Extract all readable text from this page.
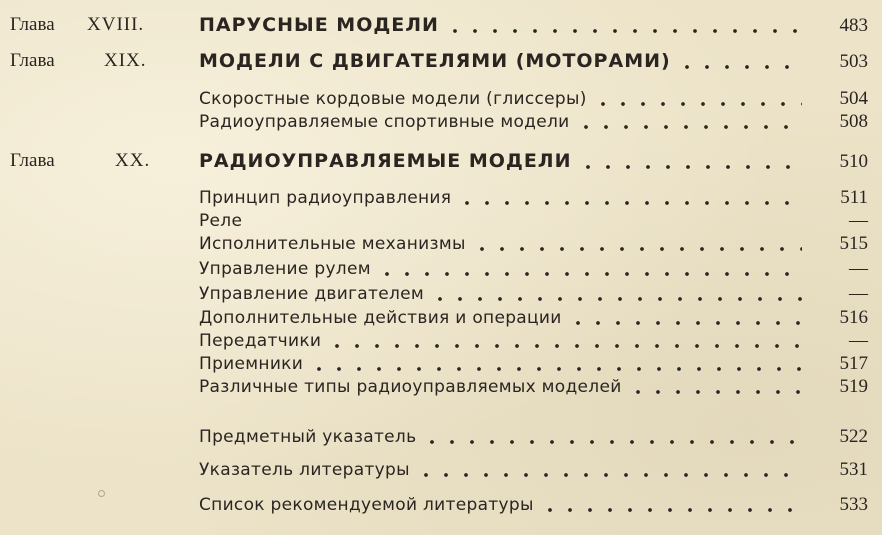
Глава XVIII.	ПАРУСНЫЕ МОДЕЛИ	483
Глава	XIX.	МОДЕЛИ С ДВИГАТЕЛЯМИ (МОТОРАМИ)	503
Скоростные кордовые модели (глиссеры)	504
Радиоуправляемые спортивные модели	508
Глава	XX.	РАДИОУПРАВЛЯЕМЫЕ МОДЕЛИ	510
Принцип радиоуправления	511
Реле	—
Исполнительные механизмы	515
Управление рулем	—
Управление двигателем	—
Дополнительные действия и операции	516
Передатчики	—
Приемники	517
Различные типы радиоуправляемых моделей	519
Предметный указатель	522
Указатель литературы	531
Список рекомендуемой литературы	533
